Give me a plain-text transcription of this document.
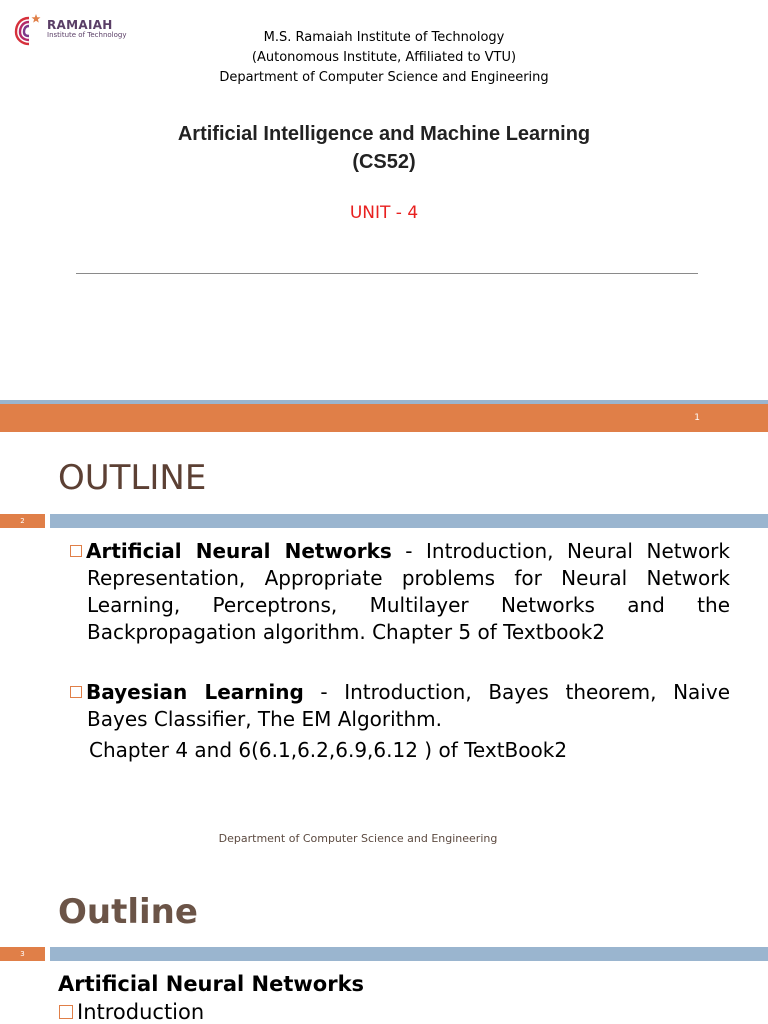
RAMAIAH
Institute of Technology	M.S. Ramaiah Institute of Technology
(Autonomous Institute, Affiliated to VTU)
Department of Computer Science and Engineering
Artificial Intelligence and Machine Learning
(CS52)
UNIT - 4
1
OUTLINE
2
Artificial Neural Networks - Introduction, Neural Network Representation, Appropriate problems for Neural Network Learning, Perceptrons, Multilayer Networks and the Backpropagation algorithm. Chapter 5 of Textbook2
Bayesian Learning - Introduction, Bayes theorem, Naive Bayes Classifier, The EM Algorithm.
Chapter 4 and 6(6.1,6.2,6.9,6.12 ) of TextBook2
Department of Computer Science and Engineering
Outline
3
Artificial Neural Networks
Introduction
